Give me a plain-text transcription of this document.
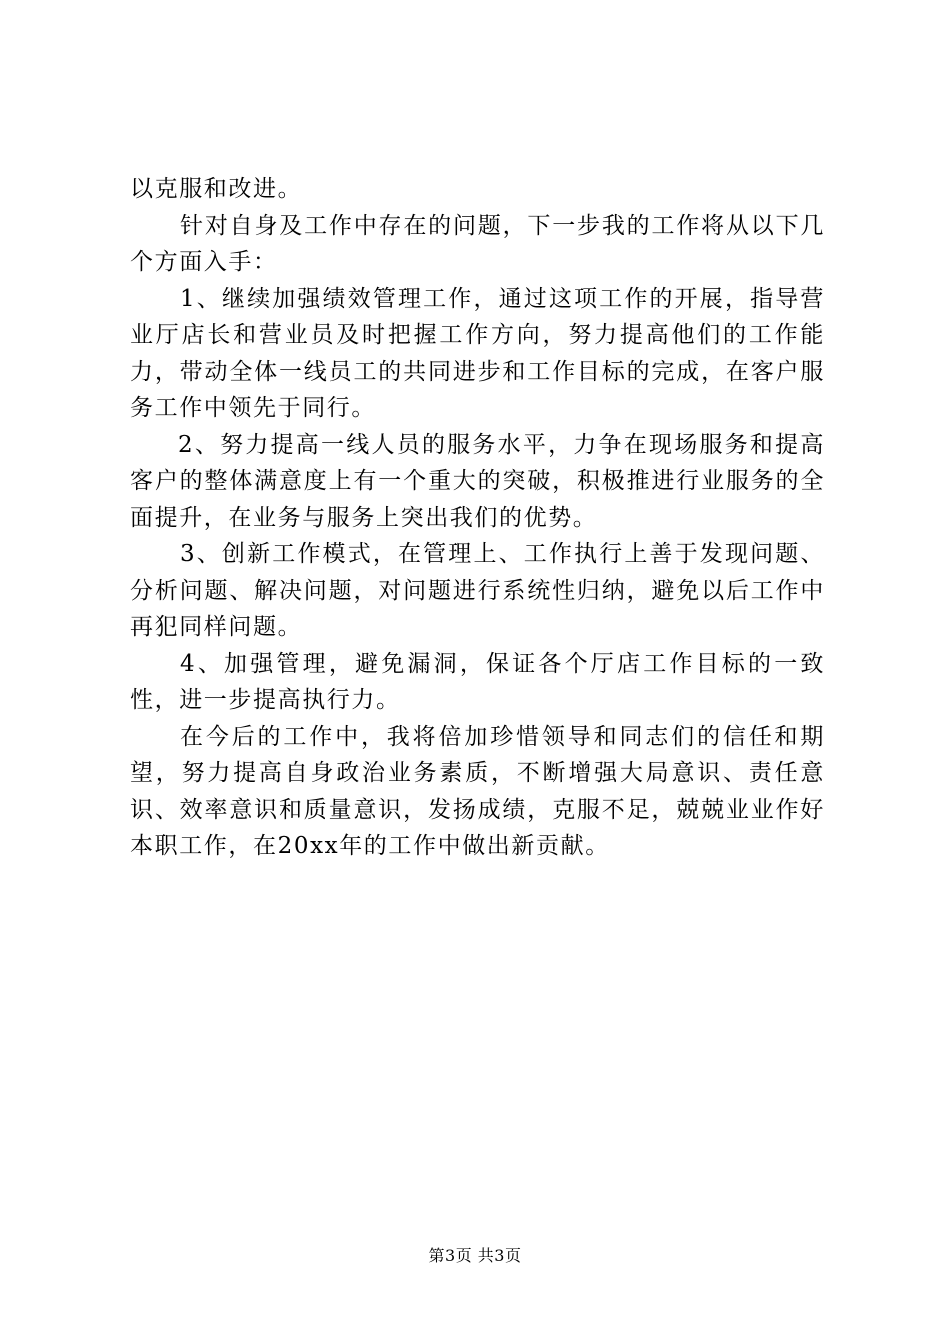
以克服和改进。

针对自身及工作中存在的问题，下一步我的工作将从以下几个方面入手：

1、继续加强绩效管理工作，通过这项工作的开展，指导营业厅店长和营业员及时把握工作方向，努力提高他们的工作能力，带动全体一线员工的共同进步和工作目标的完成，在客户服务工作中领先于同行。

2、努力提高一线人员的服务水平，力争在现场服务和提高客户的整体满意度上有一个重大的突破，积极推进行业服务的全面提升，在业务与服务上突出我们的优势。

3、创新工作模式，在管理上、工作执行上善于发现问题、分析问题、解决问题，对问题进行系统性归纳，避免以后工作中再犯同样问题。

4、加强管理，避免漏洞，保证各个厅店工作目标的一致性，进一步提高执行力。

在今后的工作中，我将倍加珍惜领导和同志们的信任和期望，努力提高自身政治业务素质，不断增强大局意识、责任意识、效率意识和质量意识，发扬成绩，克服不足，兢兢业业作好本职工作，在20xx年的工作中做出新贡献。

第3页 共3页
